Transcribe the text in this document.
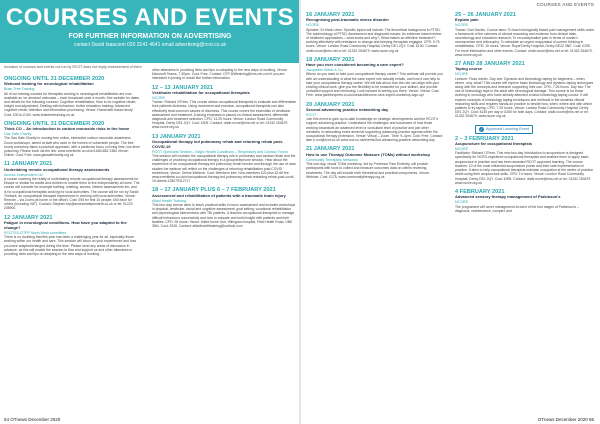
COURSES AND EVENTS
FOR FURTHER INFORMATION ON ADVERTISING
contact David Isaacson 020 3141 4641 email advertising@rcot.co.uk
Inclusion of courses and events not run by RCOT does not imply endorsement of them
ONGOING UNTIL 31 DECEMBER 2020
Webcast training for neurological rehabilitation
Brain Tree Training
All of our training courses for therapists working in neurological rehabilitation are now available as 'on demand' webcasts – each broadcast once a month. See website for dates and details for the following courses: Cognitive rehabilitation; How to do cognitive rehab; Insight and adjustment; Dealing with behaviour; Active relaxation training; Advanced cognitive rehab; Attention and information processing. Venue: Home/web based study. Cost: £30 to £100. www.braintreetraining.co.uk
ONGOING UNTIL 31 DECEMBER 2020
Think CO – An introduction to carbon monoxide risks in the home
Gas Safe Charity
The Gas Safe Charity is running free online, interactive carbon monoxide awareness Zoom workshops, aimed at staff who work in the homes of vulnerable people. The free hourly workshop takes a practical approach, with a particular focus on living time, low-level poisoning. Please book via the link: www.eventbrite.co.uk/e/11661882 2384 Venue: Online. Cost: Free. www.gassafecharity.org.uk
11 JANUARY 2021
Undertaking remote occupational therapy assessments
Access Independent Ltd
A course covering the reality of undertaking remote occupational therapy assessments for Disape or similar for adults and children to enable them to live independently at home. The course will consider for example bathing, toileting, access, kitchen assessments etc, and is for occupational therapists working for local authorities. The course will be run by Sarah Thelwell, an occupational therapist experienced in working with local authorities. Venue: Remote – via Zoom (at home or the office). Cost: £95 for first 10 people; £60 each for others (including VAT). Contact: Stephen.rep@accessindependent.co.uk or tel: 01223 236900.
12 JANUARY 2021
Fatigue in neurological conditions. How have you adapted to the change?
RCOTSS-OTPP North West committee
There is no doubting that this year has been a challenging year for all, especially those working within our health and care. This session will focus on your experiences and how you have adapted/changed during this time. Please send any areas of discussion in advance, as this will enable the session to flow and support us and other attendees in providing hints and tips on adapting to the new ways of working.
other attendees in providing hints and tips on adapting to the new ways of working. Venue: Microsoft Teams, 7.30pm. Cost: Free. Contact: O7P-NWtraining@nhs.net.com if you are interested in joining or would like further information.
12 – 13 JANUARY 2021
Vestibular rehabilitation for occupational therapists
NCORE
Trainer: Richard O'Fees. This course allows occupational therapists to evaluate and differentiate their patients dizziness. Using movement and exercise, occupational therapists can also effectively treat common causes of dizziness. This course covers the essentials of vestibular assessment and treatment. A strong emphasis is placed on clinical assessment, differential diagnosis and treatment selection. CPD: 13.25 hours. Venue: London Road Community Hospital, Derby DE1 2QY. Cost: £305. Contact: uhdb.ncore@nhs.net or tel: 01332 254679. www.ncore.org.uk
13 JANUARY 2021
Occupational therapy led pulmonary rehab and returning rehab post-COVID-19
RCOT Specialist Section – Major Health Conditions – Respiratory and Cardiac Forum
This session will consider the occupational therapy role in pulmonary and cardiac rehab and the challenges of providing occupational therapy in a group/telephone session. Hear about the experience of an occupational therapy-led pulmonary rehab service and through the use of case studies the webinar will reflect on the challenges of returning rehabilitation post-COVID restrictions. Venue: Online Webinar. Cost: Members free; Non-members £20 plus £2.68 fee. www.eventbrite.co.uk/e/occupational-therapy-led-pulmonary-rehab-restarting-rehab-post-covid-19-tickets-128079312717
18 – 17 JANUARY PLUS 6 – 7 FEBRUARY 2021
Assessment and rehabilitation of patients with a traumatic brain injury
Allied Health Training
This four-day course aims to teach practical skills in neuro assessment and includes workshops in physical, vestibular, visual and cognitive assessment, goal setting, vocational rehabilitation and psychological interventions with TBI patients. It teaches occupational therapists to manage difficult behaviours successfully and how to educate and build insight with patients and their families. CPD: 28 hours. Venue: Allied-home Unit, Hillingdon hospital, Field Heath Road, UB8 3NN. Cost: £345. Contact: alliedhealthtraining@outlook.com
64 OTnews December 2020
COURSES AND EVENTS
16 JANUARY 2021
Recognising post-traumatic stress disorder
NCORE
Speaker: Dr Mark Leber. Specific topics will include: The theoretical background to PTSD; The epidemiology of PTSD; Assessment and diagnostic issues; An evidence based review of treatment approaches – what works and why?; What makes an effective treatment?; working effectively with resistance to change and keeping therapists engaged. CPD: 5.75 hours. Venue: London Road Community Hospital, Derby DE1 2QY. Cost: £130. Contact: uhdb.ncore@nhs.net or tel: 01332 254679. www.ncore.org.uk
18 JANUARY 2021
Have you ever considered becoming a care expert?
Jacqueline Webb & Co
Where do you want to take your occupational therapy career? This webinar will provide you with an understanding of what the case expert role actually entails, and how it can help to take your occupational therapy career. We will talk about how the role can align with your existing clinical work, give you the flexibility to be rewarded for your skillset, and provide unrivalled support and mentoring. Look forward to seeing you there. Venue: Virtual. Cost: Free. www.jwebbexperts.co.uk/contact/become-care-expert-workshop-sign-up/
20 JANUARY 2021
Second advancing practice networking day
RCOT
Join this event to gain up-to-date knowledge on strategic developments and the RCOT's support advancing practice. Understand the challenges and successes of how those working towards/at an advanced level or consultant level of practice and join other members in networking event aimed at supporting advancing practice agenda within the occupational therapy profession. Venue: Virtual – Zoom. Time: 9–4pm. Cost: Free. Contact: liam.e.rcot@rcot.co.uk www.rcot.co.uk/events/2nd-advancing-practice-networking-day
21 JANUARY 2021
How to use Therapy Outcome Measure (TOMs) without workshop
Community Therapists Networks
This one-day, virtual TOMs workshop, led by Professor Pam Enderby, will provide participants with tools to collect and measure outcomes data on clients receiving treatments. The day will include both theoretical and practical components. Venue: Webinar. Cost: £175. www.communitytherapy.org.uk
25 – 26 JANUARY 2021
Explain pain
NCORE
Trainer: Dan Davies. Course aims: To teach biologically based pain management skills under a framework of the sciences of clinical reasoning and evidence from clinical trials, neurobiology and education research; To reconceptualise pain in terms of modern neuroscience and philosophy; To stimulate an urgent reappraisal of current thinking in rehabilitation. CPD: 15 hours. Venue: Royal Derby Hospital, Derby DE22 3NE. Cost: £295. For more information and other events. Contact: uhdb.ncore@nhs.net or tel: 01332 254679. www.ncore.org.uk
27 AND 28 JANUARY 2021
Taping course
NCORE
Lecturer: Ross Ixentic. Day one: Dynamic and kinesiology taping for beginners – when, where, why, what? This course will explore basic kinesiology and dynamic taping techniques along with the concepts and research supporting their use. CPD: 7.25 hours. Day two: The use of kinesiology tape in the adult with neurological damage. This course is for those working in neurology who have already attended a basic kinesiology taping course. It will explore concepts of kinesiology taping techniques and methods in the students clinical reasoning skills and requires hands-on practice to beside how, when, where and with which patients to try taping. CPD: 7.25 hours. Venue: London Road Community Hospital, Derby DE1 2QY. Cost: £145 per day or £260 for both days. Contact: uhdb.ncore@nhs.net or tel: 01332 254679. www.ncore.org.uk
✓ Approved Learning Event
2 – 3 FEBRUARY 2021
Acupuncture for occupational therapists
NCORE
Facilitator: Richard O'Fees. This new two-day introduction to acupuncture is designed specifically for NCRO-registered occupational therapists and enables them to apply basic acupuncture in practice and has been awarded RCOT approved learning. The course teaches: 10 of the most influential acupuncture points and their safe implementation in practice. It aims to help occupational therapists maintain occupation at the centre of practice whilst using their acupuncture skills. CPD: 14 hours. Venue: London Road Community Hospital, Derby DE1 2QY. Cost: £395. Contact: uhdb.ncore@nhs.net or tel: 01332 254679. www.ncore.org.uk
4 FEBRUARY 2021
Advanced sensory therapy management of Parkinson's
NCORE
The programme will cover management at each of the four stages of Parkinson's – diagnosis, maintenance, complex and
OTnews December 2020 65
